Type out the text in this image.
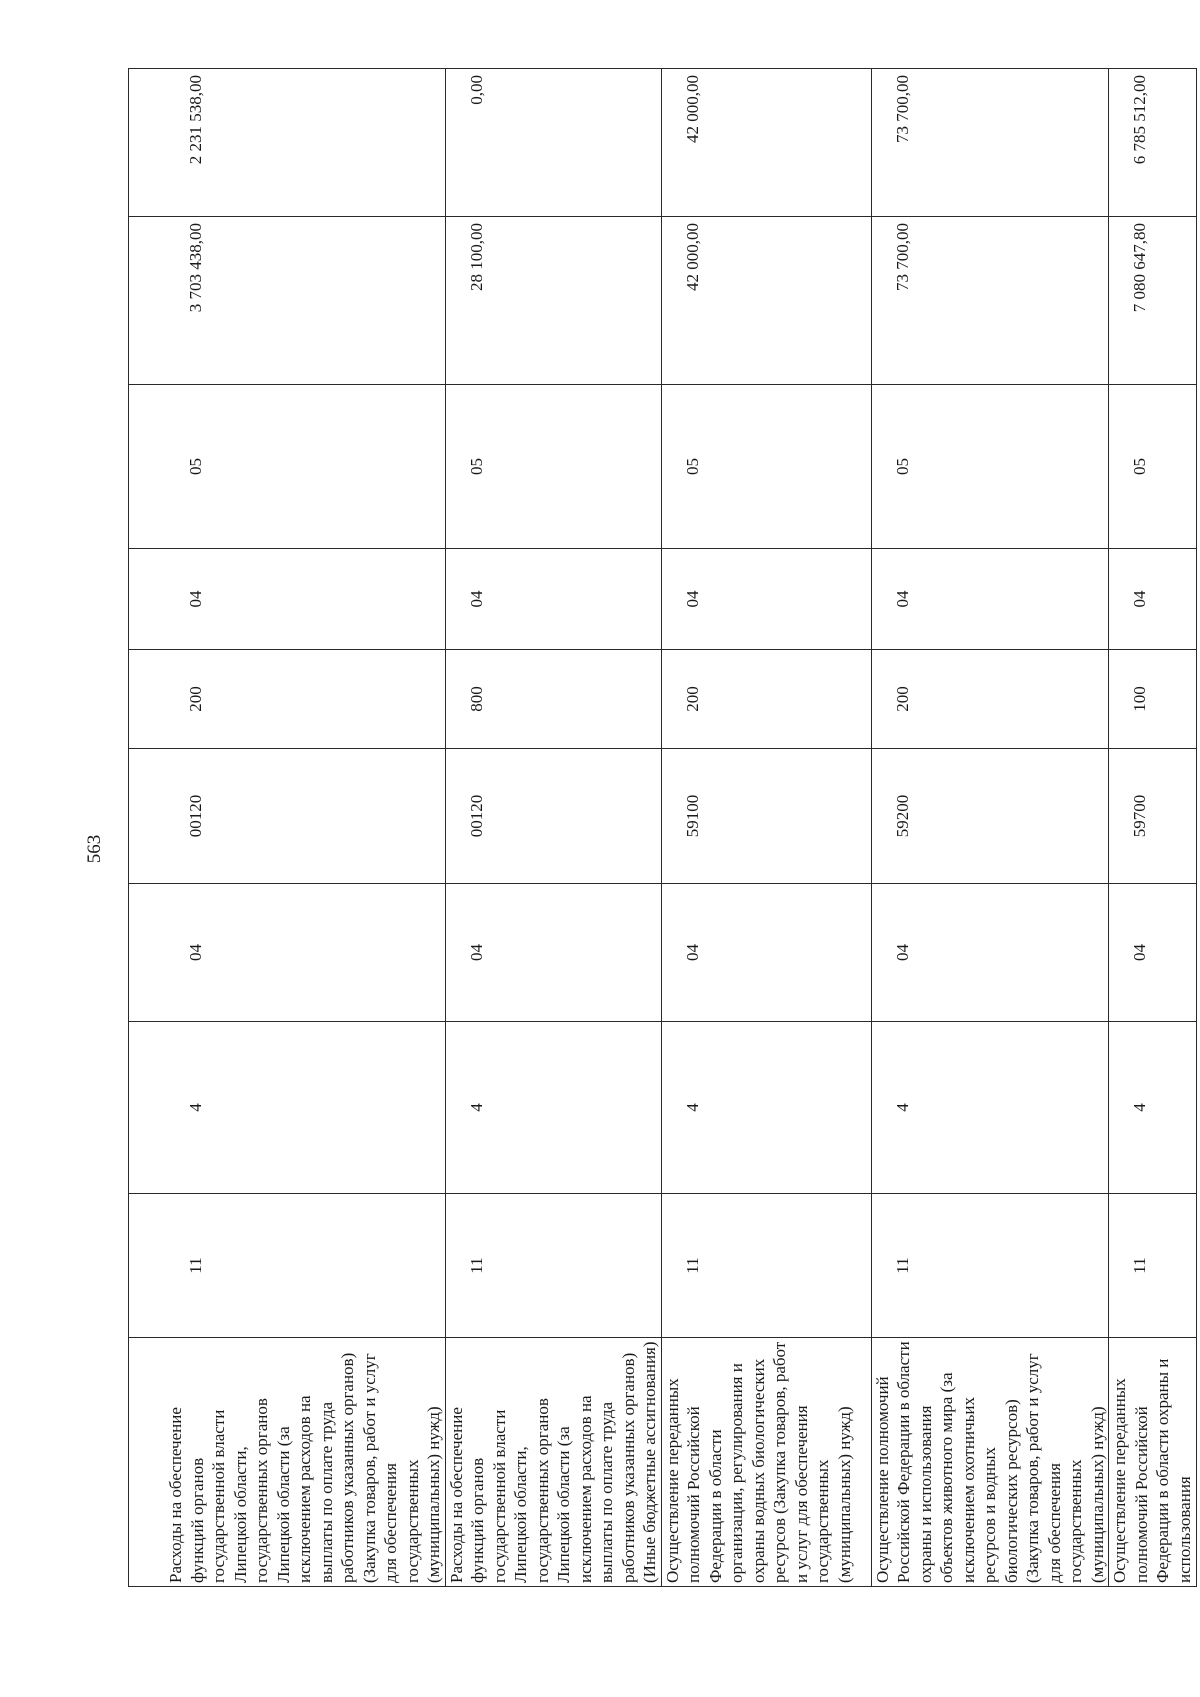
563

Расходы на обеспечение функций органов государственной власти Липецкой области, государственных органов Липецкой области (за исключением расходов на выплаты по оплате труда работников указанных органов) (Закупка товаров, работ и услуг для обеспечения государственных (муниципальных) нужд)	11	4	04	00120	200	04	05	3 703 438,00	2 231 538,00	
Расходы на обеспечение функций органов государственной власти Липецкой области, государственных органов Липецкой области (за исключением расходов на выплаты по оплате труда работников указанных органов) (Иные бюджетные ассигнования)	11	4	04	00120	800	04	05	28 100,00	0,00	
Осуществление переданных полномочий Российской Федерации в области организации, регулирования и охраны водных биологических ресурсов (Закупка товаров, работ и услуг для обеспечения государственных (муниципальных) нужд)	11	4	04	59100	200	04	05	42 000,00	42 000,00	
Осуществление полномочий Российской Федерации в области охраны и использования объектов животного мира (за исключением охотничьих ресурсов и водных биологических ресурсов) (Закупка товаров, работ и услуг для обеспечения государственных (муниципальных) нужд)	11	4	04	59200	200	04	05	73 700,00	73 700,00	
Осуществление переданных полномочий Российской Федерации в области охраны и использования	11	4	04	59700	100	04	05	7 080 647,80	6 785 512,00	
